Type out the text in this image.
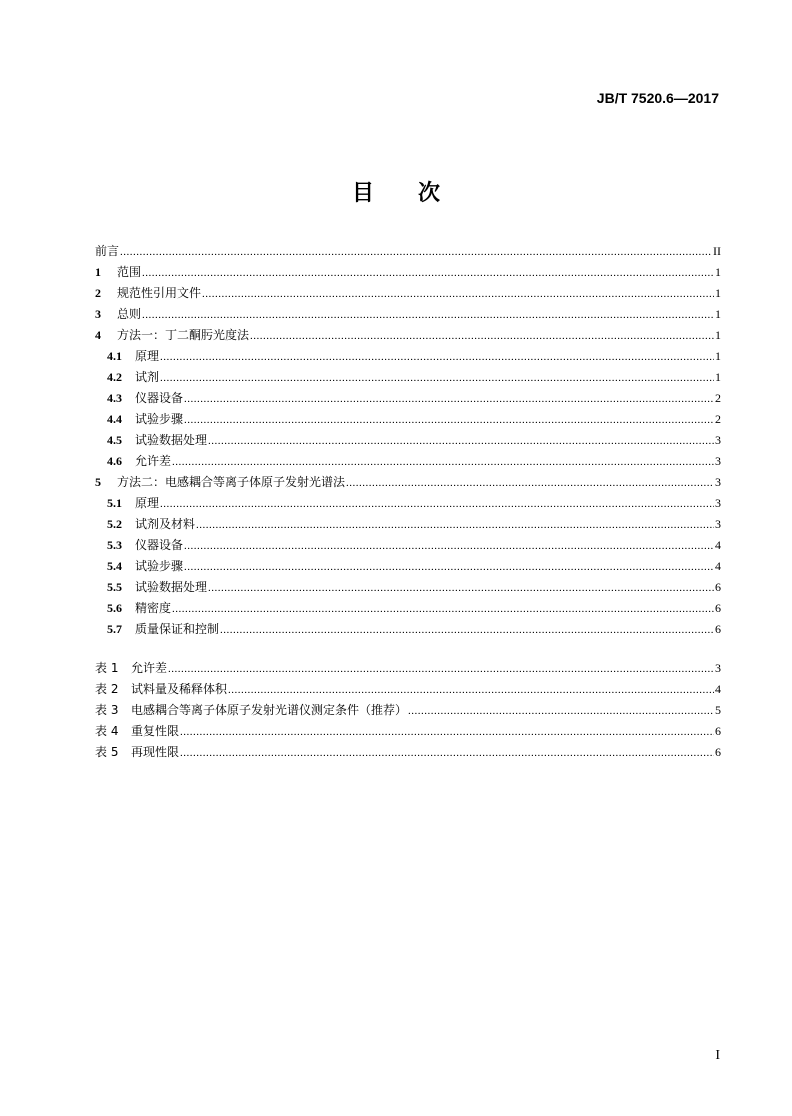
JB/T 7520.6—2017
目 次
前言 .....	II
1	范围 .....	1
2	规范性引用文件 .....	1
3	总则 .....	1
4	方法一：丁二酮肟光度法 .....	1
4.1	原理 .....	1
4.2	试剂 .....	1
4.3	仪器设备 .....	2
4.4	试验步骤 .....	2
4.5	试验数据处理 .....	3
4.6	允许差 .....	3
5	方法二：电感耦合等离子体原子发射光谱法 .....	3
5.1	原理 .....	3
5.2	试剂及材料 .....	3
5.3	仪器设备 .....	4
5.4	试验步骤 .....	4
5.5	试验数据处理 .....	6
5.6	精密度 .....	6
5.7	质量保证和控制 .....	6
表 1	允许差 .....	3
表 2	试料量及稀释体积 .....	4
表 3	电感耦合等离子体原子发射光谱仪测定条件（推荐） .....	5
表 4	重复性限 .....	6
表 5	再现性限 .....	6
I
